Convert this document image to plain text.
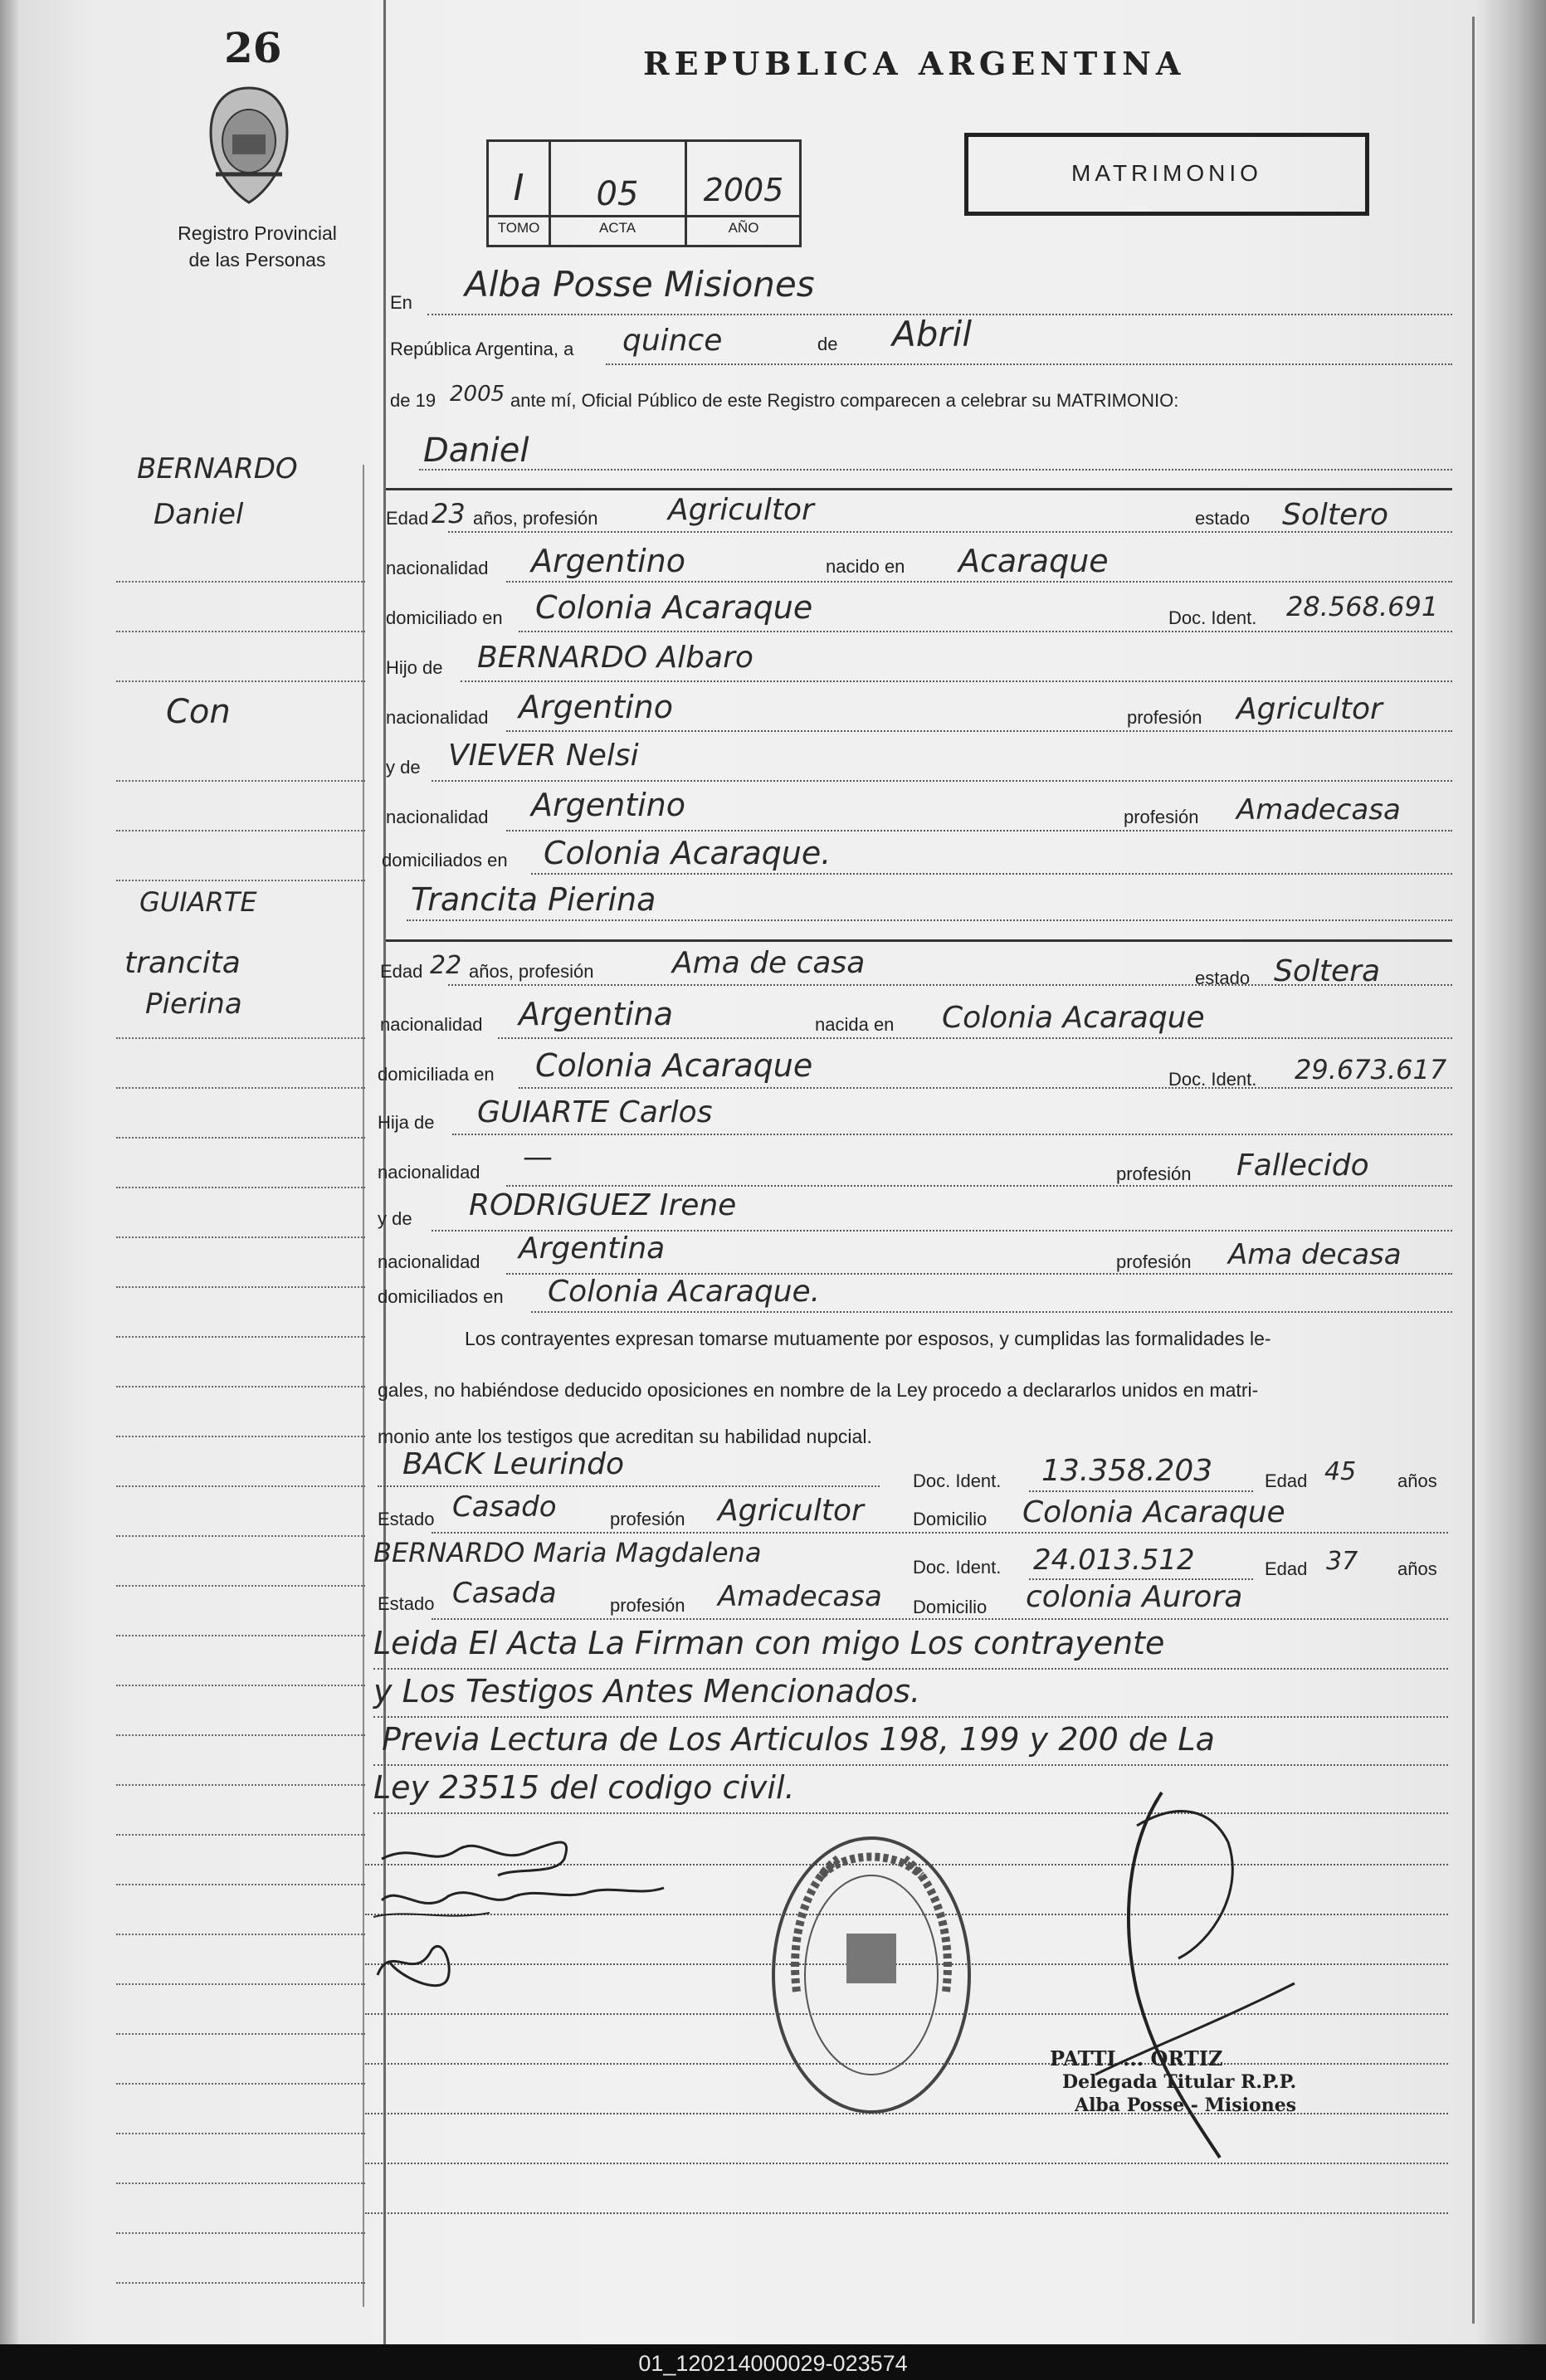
26
Registro Provincial
de las Personas
REPUBLICA ARGENTINA
I	05	2005
TOMO	ACTA	AÑO
MATRIMONIO
En Alba Posse Misiones
República Argentina, a quince	de Abril
de 19 2005 ante mí, Oficial Público de este Registro comparecen a celebrar su MATRIMONIO:
Daniel
BERNARDO
Daniel	Edad 23 años, profesión Agricultor	estado Soltero
nacionalidad Argentino	nacido en Acaraque
domiciliado en Colonia Acaraque	Doc. Ident. 28.568.691
Hijo de BERNARDO Albaro
Con	nacionalidad Argentino	profesión Agricultor
y de VIEVER Nelsi
nacionalidad Argentino	profesión Amadecasa
domiciliados en Colonia Acaraque.
GUIARTE	Trancita Pierina
trancita
Pierina
Edad 22 años, profesión	Ama de casa	estado Soltera
nacionalidad Argentina	nacida en Colonia Acaraque
domiciliada en Colonia Acaraque	Doc. Ident. 29.673.617
Hija de GUIARTE Carlos
nacionalidad —	profesión Fallecido
y de RODRIGUEZ Irene
nacionalidad Argentina	profesión Ama decasa
domiciliados en Colonia Acaraque.
Los contrayentes expresan tomarse mutuamente por esposos, y cumplidas las formalidades le-
gales, no habiéndose deducido oposiciones en nombre de la Ley procedo a declararlos unidos en matri-
monio ante los testigos que acreditan su habilidad nupcial.
BACK Leurindo	Doc. Ident. 13.358.203	Edad 45 años
Estado Casado	profesión Agricultor	Domicilio Colonia Acaraque
BERNARDO Maria Magdalena	Doc. Ident. 24.013.512	Edad 37 años
Estado Casada	profesión Amadecasa Domicilio colonia Aurora
Leida El Acta La Firman con migo Los contrayente
y Los Testigos Antes Mencionados.
Previa Lectura de Los Articulos 198, 199 y 200 de La
Ley 23515 del codigo civil.
PATTI ... ORTIZ
Delegada Titular R.P.P.
Alba Posse - Misiones
01_120214000029-023574
